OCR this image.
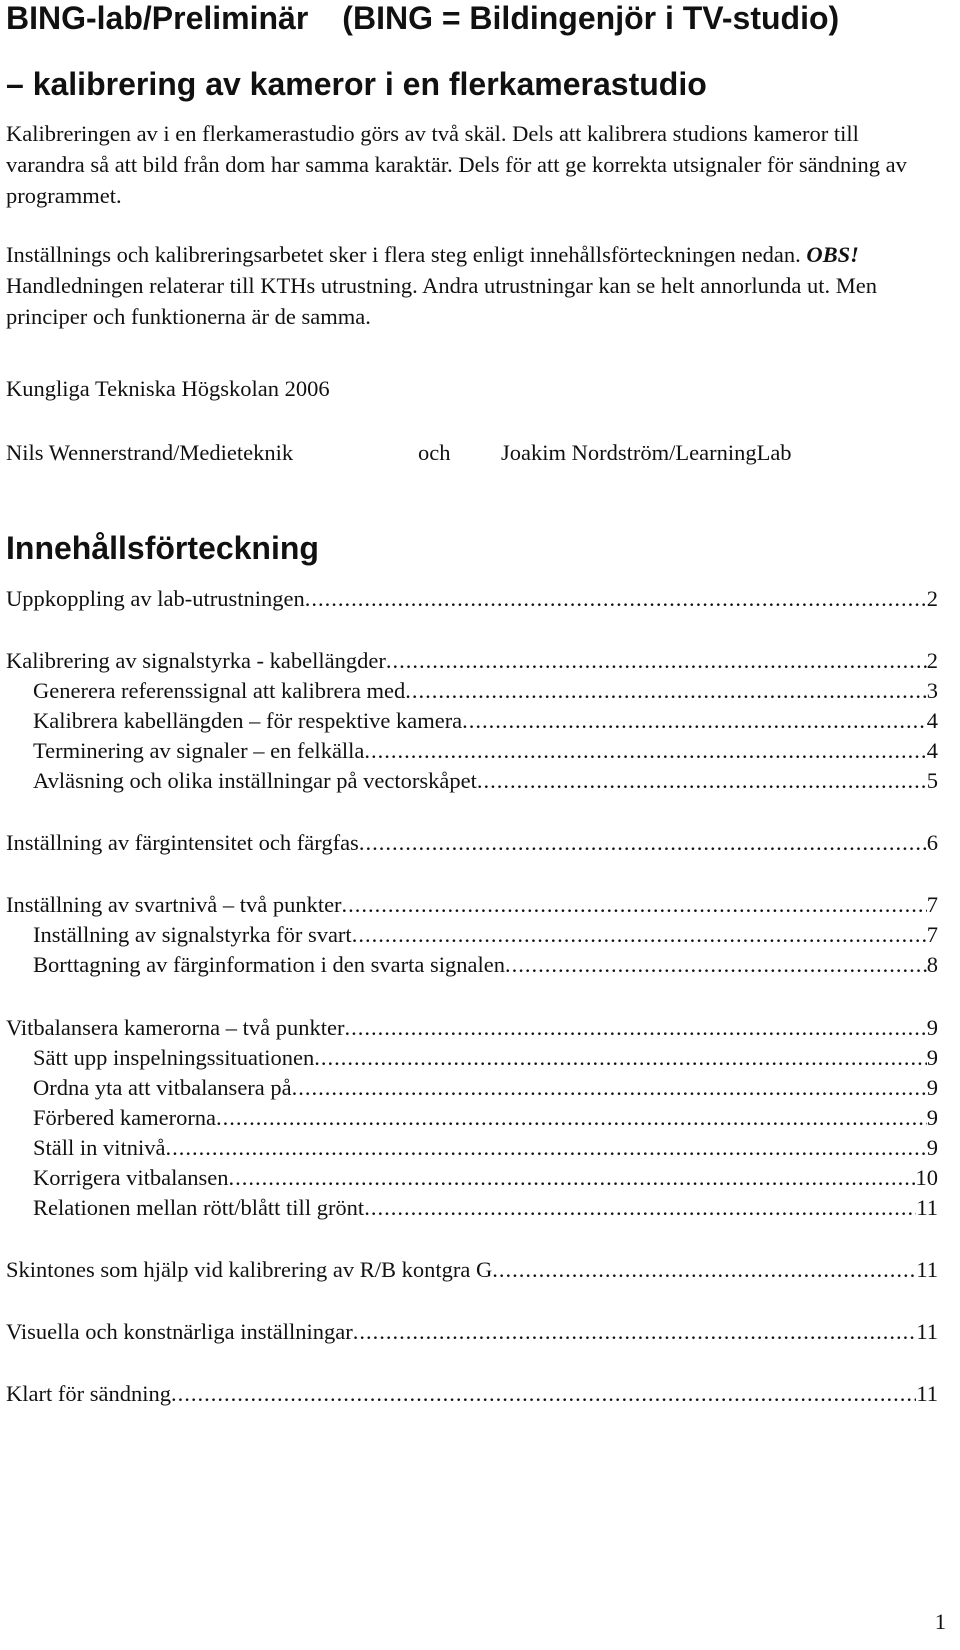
BING-lab/Preliminär (BING = Bildingenjör i TV-studio)
– kalibrering av kameror i en flerkamerastudio
Kalibreringen av i en flerkamerastudio görs av två skäl. Dels att kalibrera studions kameror till varandra så att bild från dom har samma karaktär. Dels för att ge korrekta utsignaler för sändning av programmet.
Inställnings och kalibreringsarbetet sker i flera steg enligt innehållsförteckningen nedan. OBS! Handledningen relaterar till KTHs utrustning. Andra utrustningar kan se helt annorlunda ut. Men principer och funktionerna är de samma.
Kungliga Tekniska Högskolan 2006
Nils Wennerstrand/Medieteknik	och Joakim Nordström/LearningLab
Innehållsförteckning
Uppkoppling av lab-utrustningen .....	2
Kalibrering av signalstyrka - kabellängder .....	2
Generera referenssignal att kalibrera med .....	3
Kalibrera kabellängden – för respektive kamera .....	4
Terminering av signaler – en felkälla .....	4
Avläsning och olika inställningar på vectorskåpet .....	5
Inställning av färgintensitet och färgfas .....	6
Inställning av svartnivå – två punkter .....	7
Inställning av signalstyrka för svart .....	7
Borttagning av färginformation i den svarta signalen .....	8
Vitbalansera kamerorna – två punkter .....	9
Sätt upp inspelningssituationen .....	9
Ordna yta att vitbalansera på .....	9
Förbered kamerorna .....	9
Ställ in vitnivå .....	9
Korrigera vitbalansen .....	10
Relationen mellan rött/blått till grönt .....	11
Skintones som hjälp vid kalibrering av R/B kontgra G .....	11
Visuella och konstnärliga inställningar .....	11
Klart för sändning .....	11
1
